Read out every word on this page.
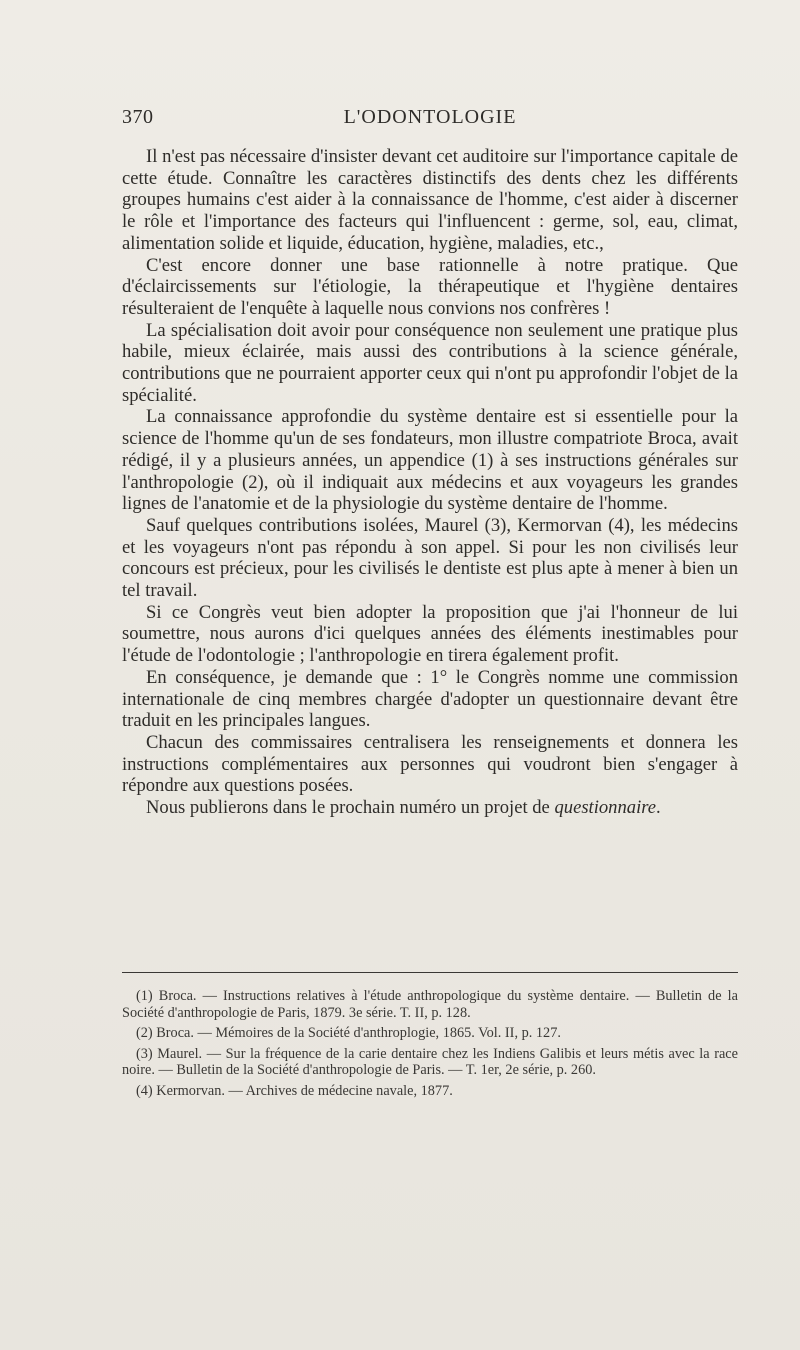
370	L'ODONTOLOGIE

Il n'est pas nécessaire d'insister devant cet auditoire sur l'importance capitale de cette étude. Connaître les caractères distinctifs des dents chez les différents groupes humains c'est aider à la connaissance de l'homme, c'est aider à discerner le rôle et l'importance des facteurs qui l'influencent : germe, sol, eau, climat, alimentation solide et liquide, éducation, hygiène, maladies, etc.,

C'est encore donner une base rationnelle à notre pratique. Que d'éclaircissements sur l'étiologie, la thérapeutique et l'hygiène dentaires résulteraient de l'enquête à laquelle nous convions nos confrères !

La spécialisation doit avoir pour conséquence non seulement une pratique plus habile, mieux éclairée, mais aussi des contributions à la science générale, contributions que ne pourraient apporter ceux qui n'ont pu approfondir l'objet de la spécialité.

La connaissance approfondie du système dentaire est si essentielle pour la science de l'homme qu'un de ses fondateurs, mon illustre compatriote Broca, avait rédigé, il y a plusieurs années, un appendice (1) à ses instructions générales sur l'anthropologie (2), où il indiquait aux médecins et aux voyageurs les grandes lignes de l'anatomie et de la physiologie du système dentaire de l'homme.

Sauf quelques contributions isolées, Maurel (3), Kermorvan (4), les médecins et les voyageurs n'ont pas répondu à son appel. Si pour les non civilisés leur concours est précieux, pour les civilisés le dentiste est plus apte à mener à bien un tel travail.

Si ce Congrès veut bien adopter la proposition que j'ai l'honneur de lui soumettre, nous aurons d'ici quelques années des éléments inestimables pour l'étude de l'odontologie ; l'anthropologie en tirera également profit.

En conséquence, je demande que : 1° le Congrès nomme une commission internationale de cinq membres chargée d'adopter un questionnaire devant être traduit en les principales langues.

Chacun des commissaires centralisera les renseignements et donnera les instructions complémentaires aux personnes qui voudront bien s'engager à répondre aux questions posées.

Nous publierons dans le prochain numéro un projet de questionnaire.

(1) Broca. — Instructions relatives à l'étude anthropologique du système dentaire. — Bulletin de la Société d'anthropologie de Paris, 1879. 3e série. T. II, p. 128.

(2) Broca. — Mémoires de la Société d'anthroplogie, 1865. Vol. II, p. 127.

(3) Maurel. — Sur la fréquence de la carie dentaire chez les Indiens Galibis et leurs métis avec la race noire. — Bulletin de la Société d'anthropologie de Paris. — T. 1er, 2e série, p. 260.

(4) Kermorvan. — Archives de médecine navale, 1877.
